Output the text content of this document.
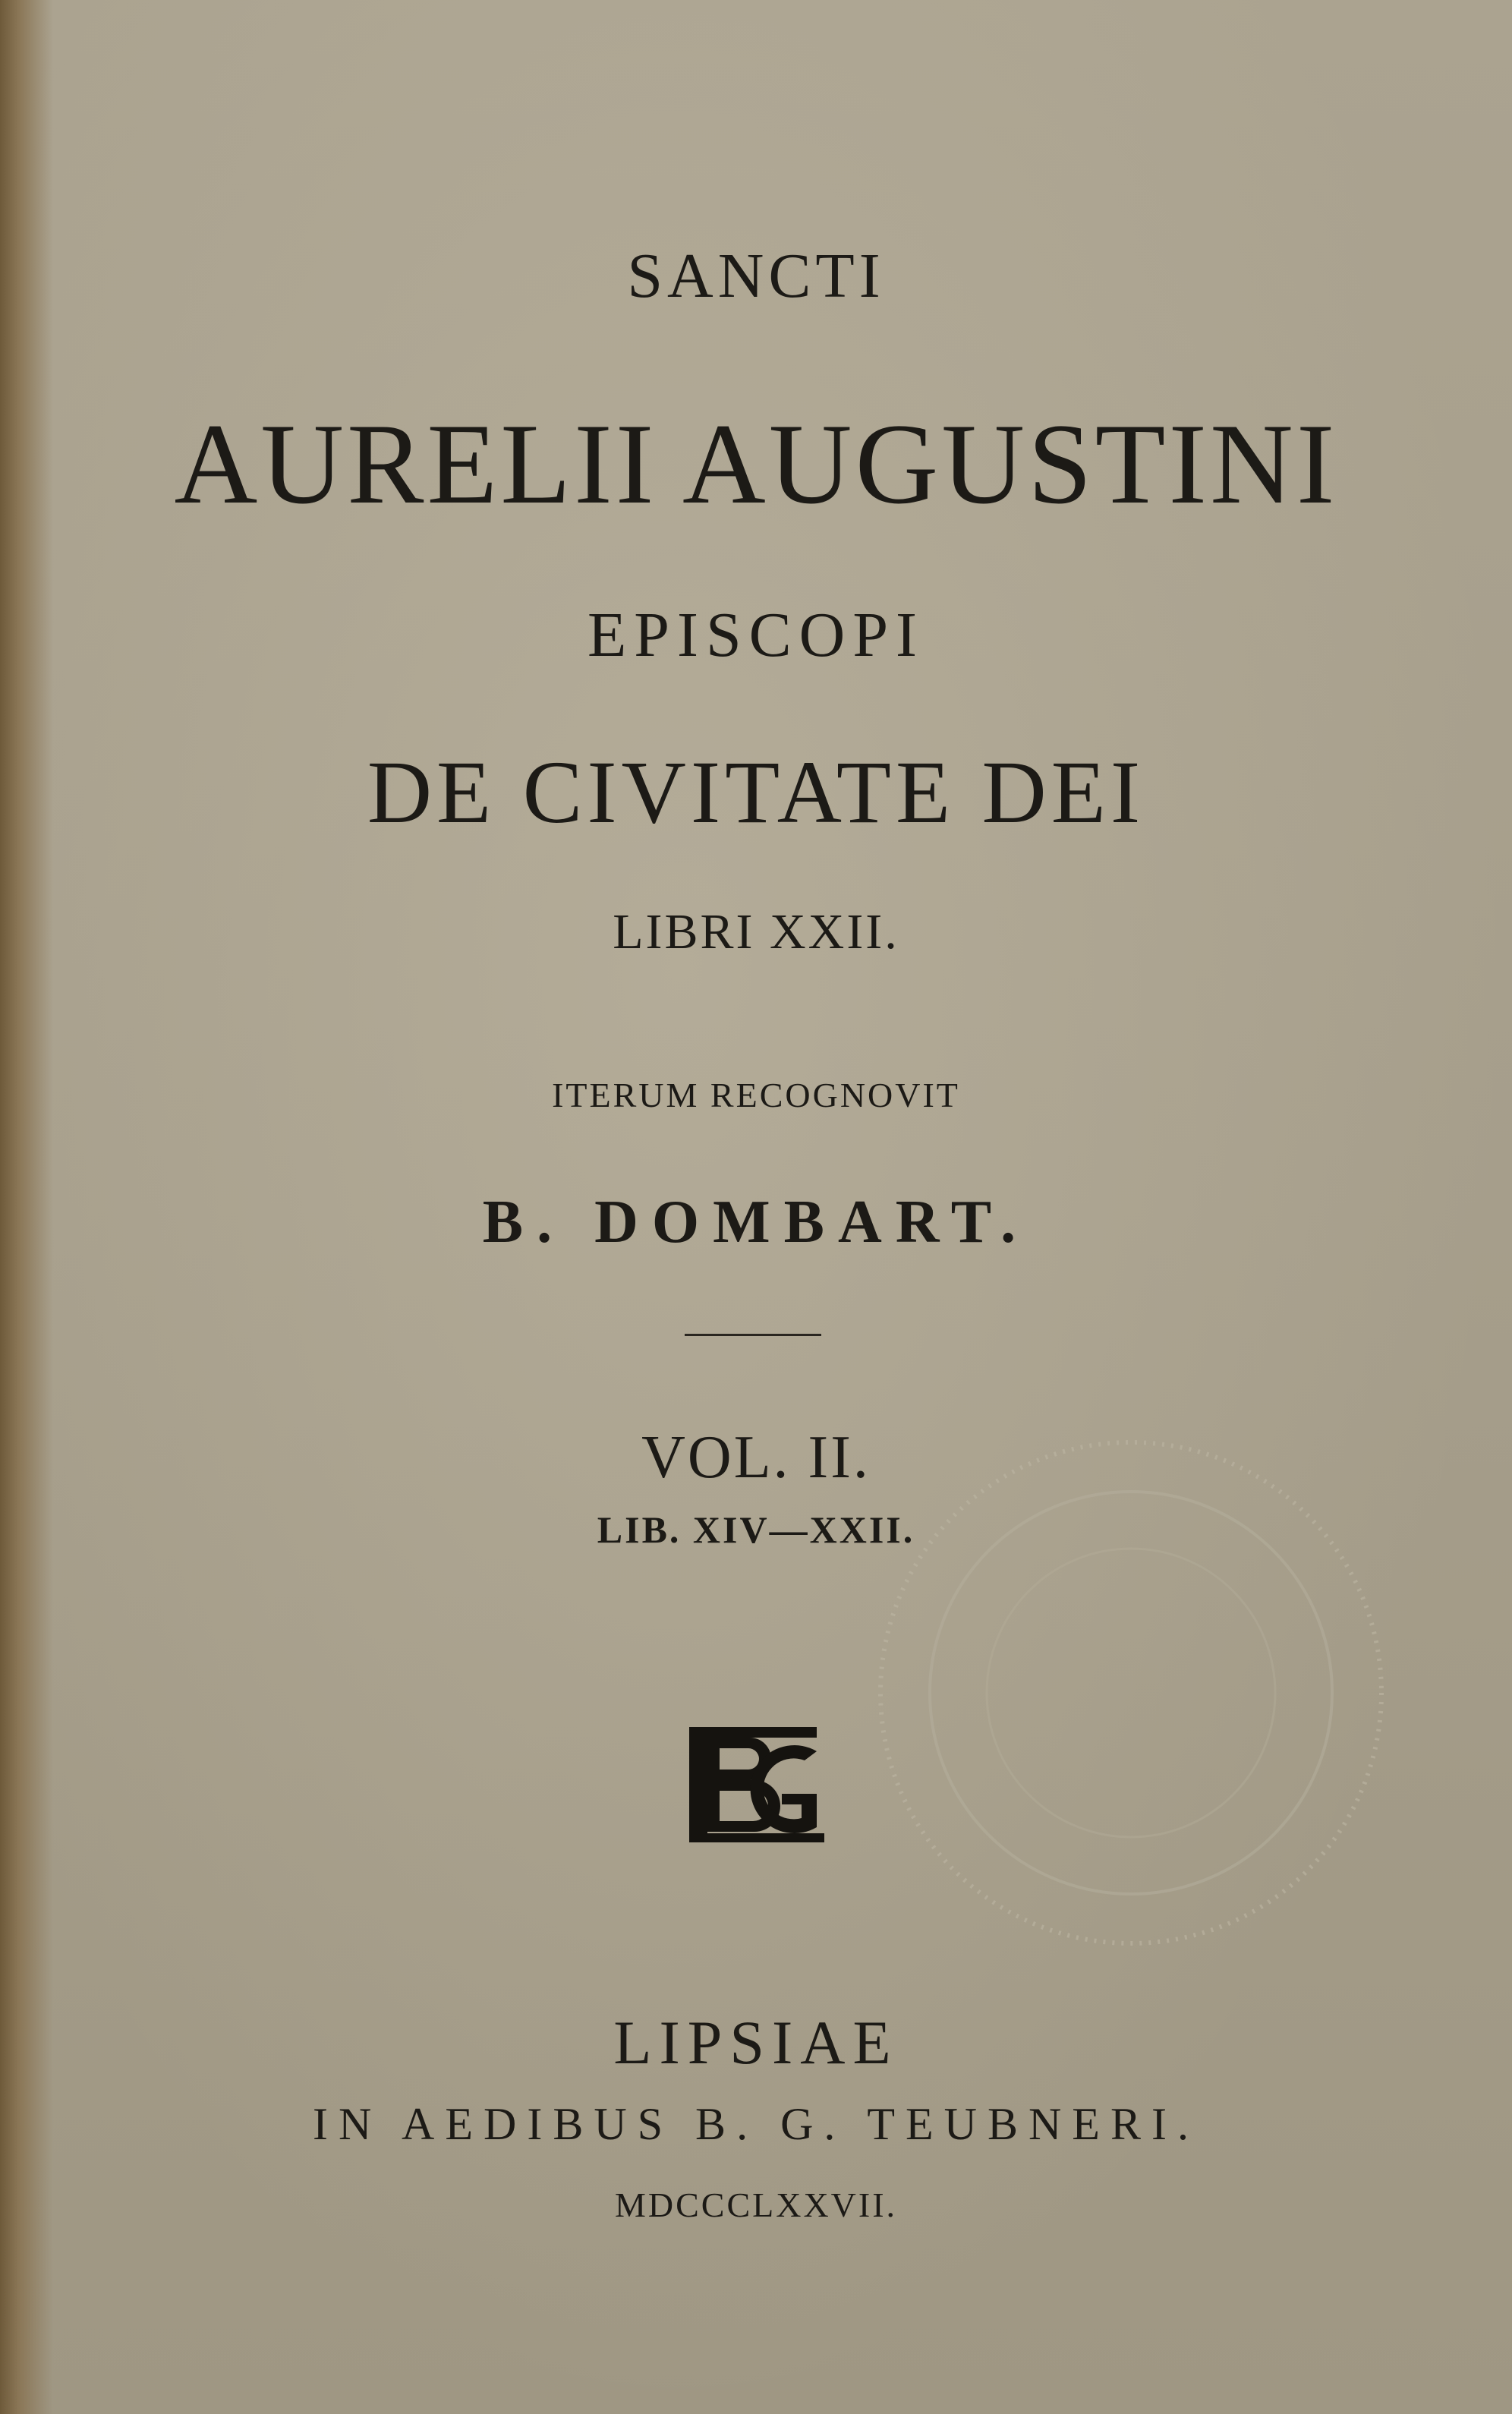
SANCTI
AURELII AUGUSTINI
EPISCOPI
DE CIVITATE DEI
LIBRI XXII.
ITERUM RECOGNOVIT
B. DOMBART.
VOL. II.
LIB. XIV—XXII.
LIPSIAE
IN AEDIBUS B. G. TEUBNERI.
MDCCCLXXVII.
